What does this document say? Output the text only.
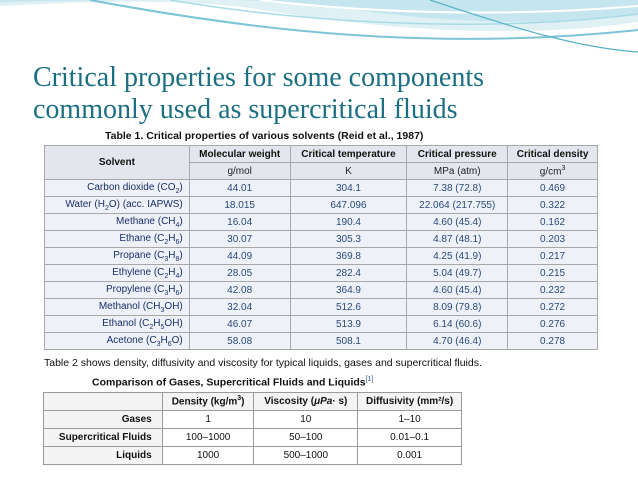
Critical properties for some components
commonly used as supercritical fluids
Table 1. Critical properties of various solvents (Reid et al., 1987)
Solvent	Molecular weight	Critical temperature	Critical pressure	Critical density
	g/mol	K	MPa (atm)	$g/cm^3$
Carbon dioxide $(CO_2)$	44.01	304.1	7.38 (72.8)	0.469
Water $(H_2O)$ (acc. IAPWS)	18.015	647.096	22.064 (217.755)	0.322
Methane $(CH_4)$	16.04	190.4	4.60 (45.4)	0.162
Ethane $(C_2H_6)$	30.07	305.3	4.87 (48.1)	0.203
Propane $(C_3H_8)$	44.09	369.8	4.25 (41.9)	0.217
Ethylene $(C_2H_4)$	28.05	282.4	5.04 (49.7)	0.215
Propylene $(C_3H_6)$	42.08	364.9	4.60 (45.4)	0.232
Methanol $(CH_3OH)$	32.04	512.6	8.09 (79.8)	0.272
Ethanol $(C_2H_5OH)$	46.07	513.9	6.14 (60.6)	0.276
Acetone $(C_3H_6O)$	58.08	508.1	4.70 (46.4)	0.278
Table 2 shows density, diffusivity and viscosity for typical liquids, gases and supercritical fluids.
Comparison of Gases, Supercritical Fluids and Liquids[1]
	Density $(kg/m^3)$	Viscosity (μPa· s)	Diffusivity (mm²/s)
Gases	1	10	1–10
Supercritical Fluids	100–1000	50–100	0.01–0.1
Liquids	1000	500–1000	0.001
